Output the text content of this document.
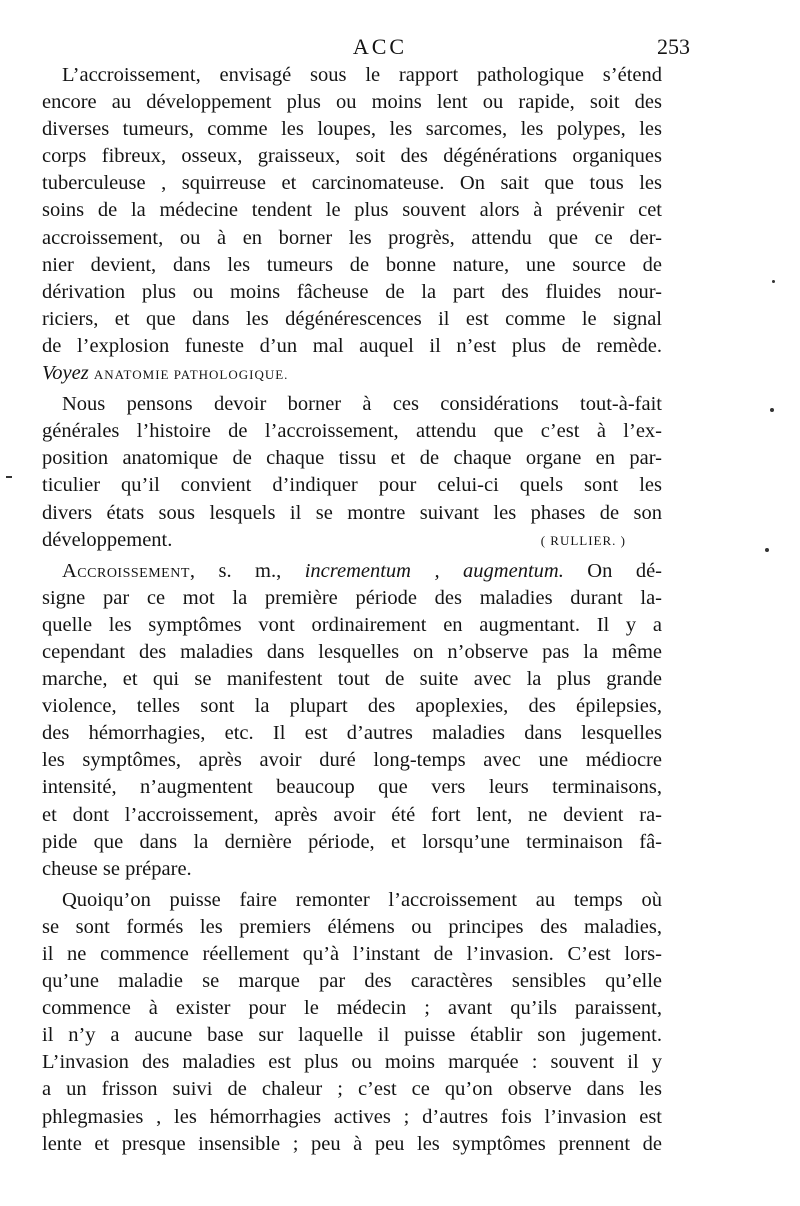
ACC	253
L’accroissement, envisagé sous le rapport pathologique s’étend
encore au développement plus ou moins lent ou rapide, soit des
diverses tumeurs, comme les loupes, les sarcomes, les polypes, les
corps fibreux, osseux, graisseux, soit des dégénérations organiques
tuberculeuse , squirreuse et carcinomateuse. On sait que tous les
soins de la médecine tendent le plus souvent alors à prévenir cet
accroissement, ou à en borner les progrès, attendu que ce der-
nier devient, dans les tumeurs de bonne nature, une source de
dérivation plus ou moins fâcheuse de la part des fluides nour-
riciers, et que dans les dégénérescences il est comme le signal
de l’explosion funeste d’un mal auquel il n’est plus de remède.
Voyez ANATOMIE PATHOLOGIQUE.
Nous pensons devoir borner à ces considérations tout-à-fait
générales l’histoire de l’accroissement, attendu que c’est à l’ex-
position anatomique de chaque tissu et de chaque organe en par-
ticulier qu’il convient d’indiquer pour celui-ci quels sont les
divers états sous lesquels il se montre suivant les phases de son
développement.	( RULLIER. )
Accroissement, s. m., incrementum , augmentum. On dé-
signe par ce mot la première période des maladies durant la-
quelle les symptômes vont ordinairement en augmentant. Il y a
cependant des maladies dans lesquelles on n’observe pas la même
marche, et qui se manifestent tout de suite avec la plus grande
violence, telles sont la plupart des apoplexies, des épilepsies,
des hémorrhagies, etc. Il est d’autres maladies dans lesquelles
les symptômes, après avoir duré long-temps avec une médiocre
intensité, n’augmentent beaucoup que vers leurs terminaisons,
et dont l’accroissement, après avoir été fort lent, ne devient ra-
pide que dans la dernière période, et lorsqu’une terminaison fâ-
cheuse se prépare.
Quoiqu’on puisse faire remonter l’accroissement au temps où
se sont formés les premiers élémens ou principes des maladies,
il ne commence réellement qu’à l’instant de l’invasion. C’est lors-
qu’une maladie se marque par des caractères sensibles qu’elle
commence à exister pour le médecin ; avant qu’ils paraissent,
il n’y a aucune base sur laquelle il puisse établir son jugement.
L’invasion des maladies est plus ou moins marquée : souvent il y
a un frisson suivi de chaleur ; c’est ce qu’on observe dans les
phlegmasies , les hémorrhagies actives ; d’autres fois l’invasion est
lente et presque insensible ; peu à peu les symptômes prennent de
